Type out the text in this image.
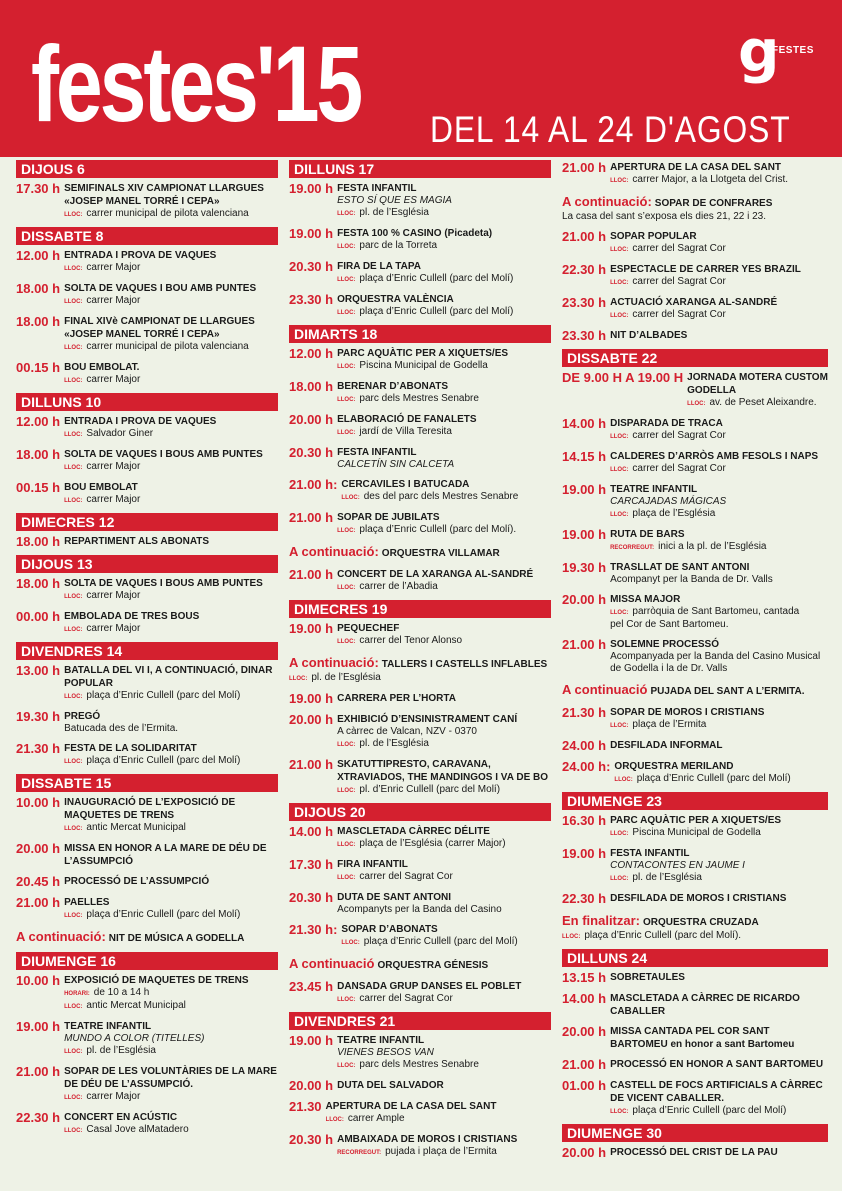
festes'15 DEL 14 AL 24 D'AGOST
g
FESTES
DIJOUS 6
17.30 h SEMIFINALS XIV CAMPIONAT LLARGUES «JOSEP MANEL TORRÉ I CEPA»
LLOC: carrer municipal de pilota valenciana
DISSABTE 8
12.00 h ENTRADA I PROVA DE VAQUES
LLOC: carrer Major
18.00 h SOLTA DE VAQUES I BOU AMB PUNTES
LLOC: carrer Major
18.00 h FINAL XIVè CAMPIONAT DE LLARGUES «JOSEP MANEL TORRÉ I CEPA»
LLOC: carrer municipal de pilota valenciana
00.15 h BOU EMBOLAT.
LLOC: carrer Major
DILLUNS 10
12.00 h ENTRADA I PROVA DE VAQUES
LLOC: Salvador Giner
18.00 h SOLTA DE VAQUES I BOUS AMB PUNTES
LLOC: carrer Major
00.15 h BOU EMBOLAT
LLOC: carrer Major
DIMECRES 12
18.00 h REPARTIMENT ALS ABONATS
DIJOUS 13
18.00 h SOLTA DE VAQUES I BOUS AMB PUNTES
LLOC: carrer Major
00.00 h EMBOLADA DE TRES BOUS
LLOC: carrer Major
DIVENDRES 14
13.00 h BATALLA DEL VI I, A CONTINUACIÓ, DINAR POPULAR
LLOC: plaça d’Enric Cullell (parc del Molí)
19.30 h PREGÓ
Batucada des de l’Ermita.
21.30 h FESTA DE LA SOLIDARITAT
LLOC: plaça d’Enric Cullell (parc del Molí)
DISSABTE 15
10.00 h INAUGURACIÓ DE L’EXPOSICIÓ DE MAQUETES DE TRENS
LLOC: antic Mercat Municipal
20.00 h MISSA EN HONOR A LA MARE DE DÉU DE L’ASSUMPCIÓ
20.45 h PROCESSÓ DE L’ASSUMPCIÓ
21.00 h PAELLES
LLOC: plaça d’Enric Cullell (parc del Molí)
A continuació: NIT DE MÚSICA A GODELLA
DIUMENGE 16
10.00 h EXPOSICIÓ DE MAQUETES DE TRENS
HORARI: de 10 a 14 h
LLOC: antic Mercat Municipal
19.00 h TEATRE INFANTIL
MUNDO A COLOR (TITELLES)
LLOC: pl. de l’Església
21.00 h SOPAR DE LES VOLUNTÀRIES DE LA MARE DE DÉU DE L’ASSUMPCIÓ.
LLOC: carrer Major
22.30 h CONCERT EN ACÚSTIC
LLOC: Casal Jove alMatadero
DILLUNS 17
19.00 h FESTA INFANTIL
ESTO SÍ QUE ES MAGIA
LLOC: pl. de l’Església
19.00 h FESTA 100 % CASINO (Picadeta)
LLOC: parc de la Torreta
20.30 h FIRA DE LA TAPA
LLOC: plaça d’Enric Cullell (parc del Molí)
23.30 h ORQUESTRA VALÈNCIA
LLOC: plaça d’Enric Cullell (parc del Molí)
DIMARTS 18
12.00 h PARC AQUÀTIC PER A XIQUETS/ES
LLOC: Piscina Municipal de Godella
18.00 h BERENAR D’ABONATS
LLOC: parc dels Mestres Senabre
20.00 h ELABORACIÓ DE FANALETS
LLOC: jardí de Villa Teresita
20.30 h FESTA INFANTIL
CALCETÍN SIN CALCETA
21.00 h: CERCAVILES I BATUCADA
LLOC: des del parc dels Mestres Senabre
21.00 h SOPAR DE JUBILATS
LLOC: plaça d’Enric Cullell (parc del Molí).
A continuació: ORQUESTRA VILLAMAR
21.00 h CONCERT DE LA XARANGA AL-SANDRÉ
LLOC: carrer de l’Abadia
DIMECRES 19
19.00 h PEQUECHEF
LLOC: carrer del Tenor Alonso
A continuació: TALLERS I CASTELLS INFLABLES
LLOC: pl. de l’Església
19.00 h CARRERA PER L’HORTA
20.00 h EXHIBICIÓ D’ENSINISTRAMENT CANÍ
A càrrec de Valcan, NZV - 0370
LLOC: pl. de l’Església
21.00 h SKATUTTIPRESTO, CARAVANA, XTRAVIADOS, THE MANDINGOS I VA DE BO
LLOC: pl. d’Enric Cullell (parc del Molí)
DIJOUS 20
14.00 h MASCLETADA CÀRREC DÉLITE
LLOC: plaça de l’Església (carrer Major)
17.30 h FIRA INFANTIL
LLOC: carrer del Sagrat Cor
20.30 h DUTA DE SANT ANTONI
Acompanyts per la Banda del Casino
21.30 h: SOPAR D’ABONATS
LLOC: plaça d’Enric Cullell (parc del Molí)
A continuació ORQUESTRA GÉNESIS
23.45 h DANSADA GRUP DANSES EL POBLET
LLOC: carrer del Sagrat Cor
DIVENDRES 21
19.00 h TEATRE INFANTIL
VIENES BESOS VAN
LLOC: parc dels Mestres Senabre
20.00 h DUTA DEL SALVADOR
21.30 APERTURA DE LA CASA DEL SANT
LLOC: carrer Ample
20.30 h AMBAIXADA DE MOROS I CRISTIANS
RECORREGUT: pujada i plaça de l’Ermita
21.00 h APERTURA DE LA CASA DEL SANT
LLOC: carrer Major, a la Llotgeta del Crist.
A continuació: SOPAR DE CONFRARES
La casa del sant s’exposa els dies 21, 22 i 23.
21.00 h SOPAR POPULAR
LLOC: carrer del Sagrat Cor
22.30 h ESPECTACLE DE CARRER YES BRAZIL
LLOC: carrer del Sagrat Cor
23.30 h ACTUACIÓ XARANGA AL-SANDRÉ
LLOC: carrer del Sagrat Cor
23.30 h NIT D’ALBADES
DISSABTE 22
DE 9.00 H A 19.00 H JORNADA MOTERA CUSTOM GODELLA
LLOC: av. de Peset Aleixandre.
14.00 h DISPARADA DE TRACA
LLOC: carrer del Sagrat Cor
14.15 h CALDERES D’ARRÒS AMB FESOLS I NAPS
LLOC: carrer del Sagrat Cor
19.00 h TEATRE INFANTIL
CARCAJADAS MÁGICAS
LLOC: plaça de l’Església
19.00 h RUTA DE BARS
RECORREGUT: inici a la pl. de l’Església
19.30 h TRASLLAT DE SANT ANTONI
Acompanyt per la Banda de Dr. Valls
20.00 h MISSA MAJOR
LLOC: parròquia de Sant Bartomeu, cantada
pel Cor de Sant Bartomeu.
21.00 h SOLEMNE PROCESSÓ
Acompanyada per la Banda del Casino Musical de Godella i la de Dr. Valls
A continuació PUJADA DEL SANT A L’ERMITA.
21.30 h SOPAR DE MOROS I CRISTIANS
LLOC: plaça de l’Ermita
24.00 h DESFILADA INFORMAL
24.00 h: ORQUESTRA MERILAND
LLOC: plaça d’Enric Cullell (parc del Molí)
DIUMENGE 23
16.30 h PARC AQUÀTIC PER A XIQUETS/ES
LLOC: Piscina Municipal de Godella
19.00 h FESTA INFANTIL
CONTACONTES EN JAUME I
LLOC: pl. de l’Església
22.30 h DESFILADA DE MOROS I CRISTIANS
En finalitzar: ORQUESTRA CRUZADA
LLOC: plaça d’Enric Cullell (parc del Molí).
DILLUNS 24
13.15 h SOBRETAULES
14.00 h MASCLETADA A CÀRREC DE RICARDO CABALLER
20.00 h MISSA CANTADA PEL COR SANT BARTOMEU en honor a sant Bartomeu
21.00 h PROCESSÓ EN HONOR A SANT BARTOMEU
01.00 h CASTELL DE FOCS ARTIFICIALS A CÀRREC DE VICENT CABALLER.
LLOC: plaça d’Enric Cullell (parc del Molí)
DIUMENGE 30
20.00 h PROCESSÓ DEL CRIST DE LA PAU
